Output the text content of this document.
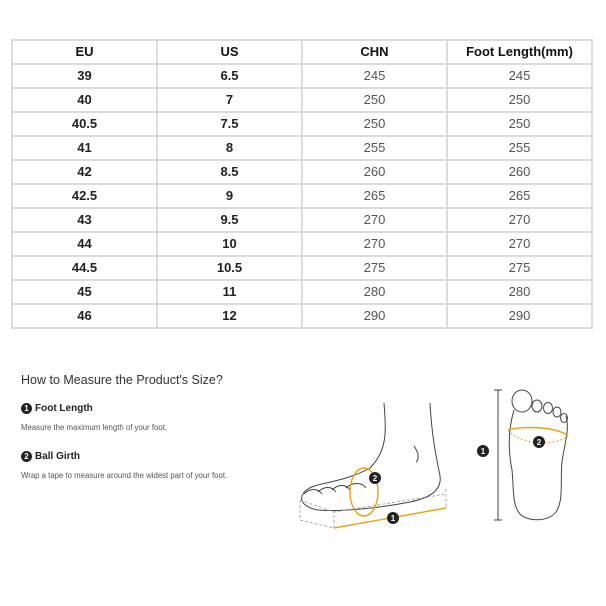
EU	US	CHN	Foot Length(mm)
39	6.5	245	245
40	7	250	250
40.5	7.5	250	250
41	8	255	255
42	8.5	260	260
42.5	9	265	265
43	9.5	270	270
44	10	270	270
44.5	10.5	275	275
45	11	280	280
46	12	290	290
How to Measure the Product's Size?
1 Foot Length
Measure the maximum length of your foot.
2 Ball Girth
Wrap a tape to measure around the widest part of your foot.	2
1
2
1
